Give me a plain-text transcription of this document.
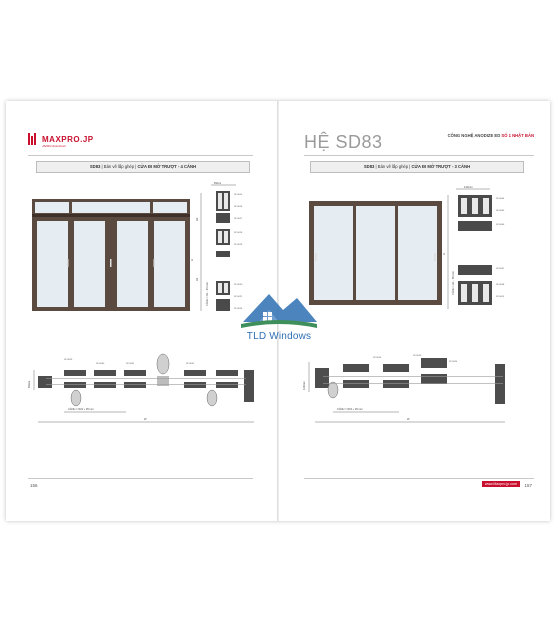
MAXPRO.JP
JAPAN Aluminium
SD83 | Bản vẽ lắp ghép | CỬA ĐI MỞ TRƯỢT - 4 CÁNH
83mm
H2
H1
H
CÁNH = H1 - 45 mm
XF 8015
XF 8016
XF 8017
XF 8018
XF 8019
XF 8020
XF 8021
XF 8026
83mm
XF 8029
XF 8030	XF 8031	XF 8051
CÁNH = W/4 + 35 mm
W
156
HỆ SD83	CÔNG NGHỆ ANODIZE ED SỐ 1 NHẬT BẢN
SD83 | Bản vẽ lắp ghép | CỬA ĐI MỞ TRƯỢT - 3 CÁNH
120mm
H
CÁNH = H1 - 56 mm
XF 8004
XF 8005
XF 8006
XF 8007
XF 8008
XF 8013
120mm
XF 8014
XF 8020
XF 8024
CÁNH = W/3 + 36 mm
W
www.Maxpro.jp.com	157
TLD Windows
